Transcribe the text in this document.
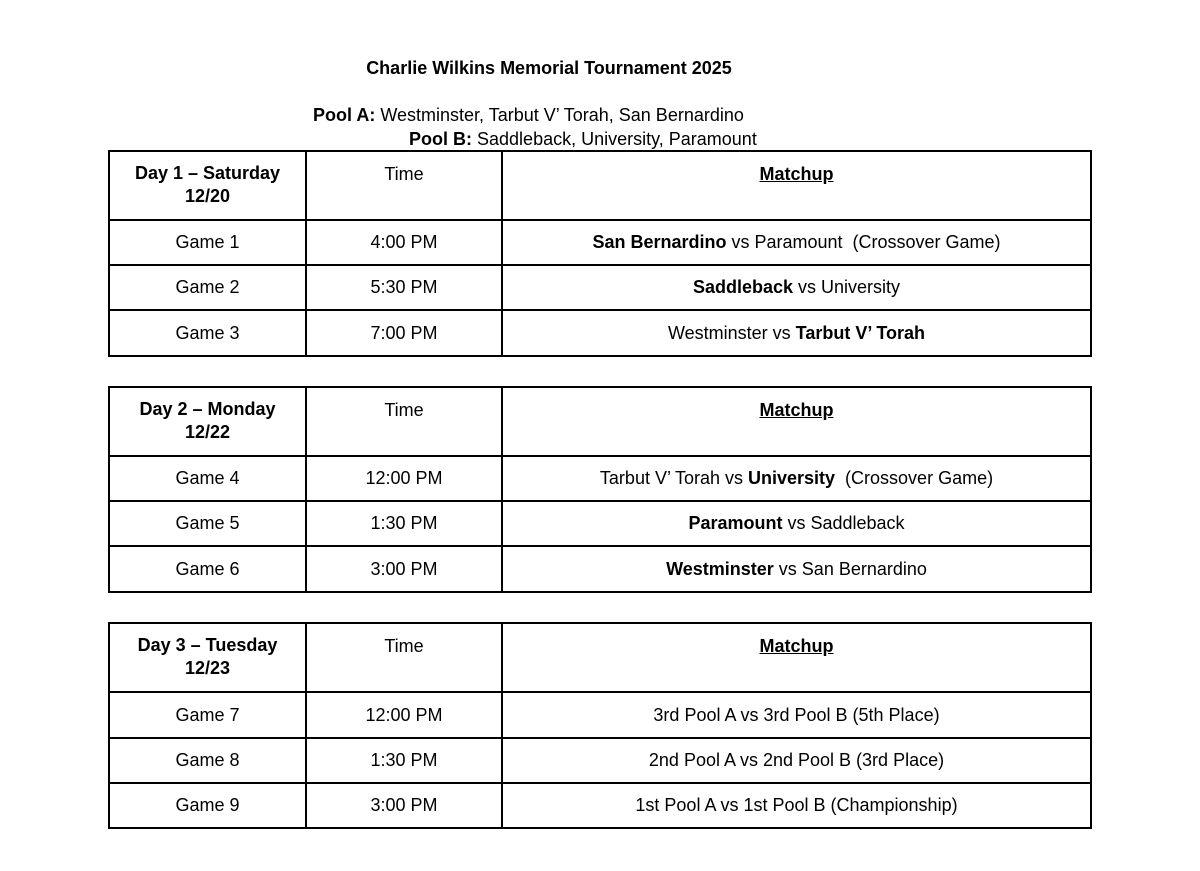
Charlie Wilkins Memorial Tournament 2025
Pool A: Westminster, Tarbut V’ Torah, San Bernardino
Pool B: Saddleback, University, Paramount
Day 1 – Saturday
12/20	Time	Matchup
Game 1	4:00 PM	San Bernardino vs Paramount  (Crossover Game)
Game 2	5:30 PM	Saddleback vs University
Game 3	7:00 PM	Westminster vs Tarbut V’ Torah
Day 2 – Monday
12/22	Time	Matchup
Game 4	12:00 PM	Tarbut V’ Torah vs University  (Crossover Game)
Game 5	1:30 PM	Paramount vs Saddleback
Game 6	3:00 PM	Westminster vs San Bernardino
Day 3 – Tuesday
12/23	Time	Matchup
Game 7	12:00 PM	3rd Pool A vs 3rd Pool B (5th Place)
Game 8	1:30 PM	2nd Pool A vs 2nd Pool B (3rd Place)
Game 9	3:00 PM	1st Pool A vs 1st Pool B (Championship)
